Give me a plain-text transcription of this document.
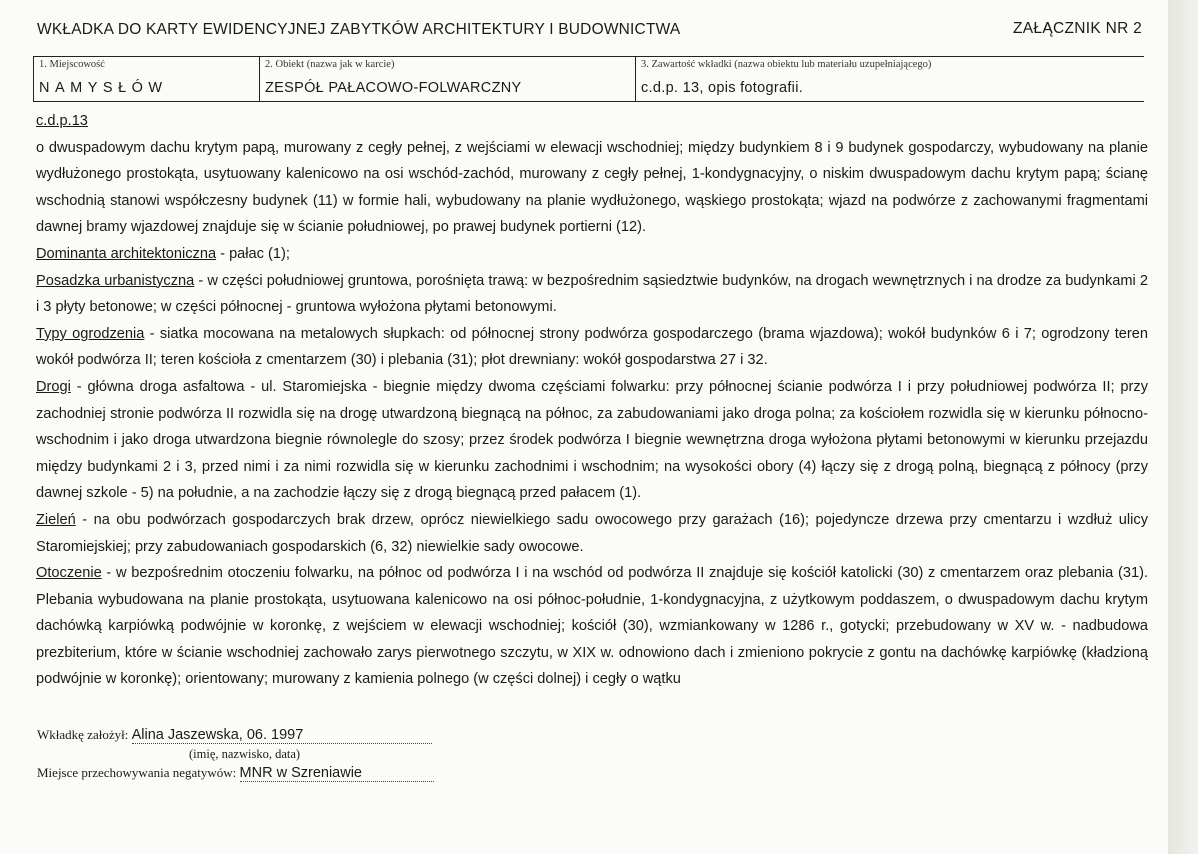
WKŁADKA DO KARTY EWIDENCYJNEJ ZABYTKÓW ARCHITEKTURY I BUDOWNICTWA	ZAŁĄCZNIK NR 2
1. Miejscowość
NAMYSŁÓW

2. Obiekt (nazwa jak w karcie)
ZESPÓŁ PAŁACOWO-FOLWARCZNY

3. Zawartość wkładki (nazwa obiektu lub materiału uzupełniającego)
c.d.p. 13, opis fotografii.

c.d.p.13

o dwuspadowym dachu krytym papą, murowany z cegły pełnej, z wejściami w elewacji wschodniej; między budynkiem 8 i 9 budynek gospodarczy, wybudowany na planie wydłużonego prostokąta, usytuowany kalenicowo na osi wschód-zachód, murowany z cegły pełnej, 1-kondygnacyjny, o niskim dwuspadowym dachu krytym papą; ścianę wschodnią stanowi współczesny budynek (11) w formie hali, wybudowany na planie wydłużonego, wąskiego prostokąta; wjazd na podwórze z zachowanymi fragmentami dawnej bramy wjazdowej znajduje się w ścianie południowej, po prawej budynek portierni (12).

Dominanta architektoniczna - pałac (1);

Posadzka urbanistyczna - w części południowej gruntowa, porośnięta trawą: w bezpośrednim sąsiedztwie budynków, na drogach wewnętrznych i na drodze za budynkami 2 i 3 płyty betonowe; w części północnej - gruntowa wyłożona płytami betonowymi.

Typy ogrodzenia - siatka mocowana na metalowych słupkach: od północnej strony podwórza gospodarczego (brama wjazdowa); wokół budynków 6 i 7; ogrodzony teren wokół podwórza II; teren kościoła z cmentarzem (30) i plebania (31); płot drewniany: wokół gospodarstwa 27 i 32.

Drogi - główna droga asfaltowa - ul. Staromiejska - biegnie między dwoma częściami folwarku: przy północnej ścianie podwórza I i przy południowej podwórza II; przy zachodniej stronie podwórza II rozwidla się na drogę utwardzoną biegnącą na północ, za zabudowaniami jako droga polna; za kościołem rozwidla się w kierunku północno-wschodnim i jako droga utwardzona biegnie równolegle do szosy; przez środek podwórza I biegnie wewnętrzna droga wyłożona płytami betonowymi w kierunku przejazdu między budynkami 2 i 3, przed nimi i za nimi rozwidla się w kierunku zachodnimi i wschodnim; na wysokości obory (4) łączy się z drogą polną, biegnącą z północy (przy dawnej szkole - 5) na południe, a na zachodzie łączy się z drogą biegnącą przed pałacem (1).

Zieleń - na obu podwórzach gospodarczych brak drzew, oprócz niewielkiego sadu owocowego przy garażach (16); pojedyncze drzewa przy cmentarzu i wzdłuż ulicy Staromiejskiej; przy zabudowaniach gospodarskich (6, 32) niewielkie sady owocowe.

Otoczenie - w bezpośrednim otoczeniu folwarku, na północ od podwórza I i na wschód od podwórza II znajduje się kościół katolicki (30) z cmentarzem oraz plebania (31). Plebania wybudowana na planie prostokąta, usytuowana kalenicowo na osi północ-południe, 1-kondygnacyjna, z użytkowym poddaszem, o dwuspadowym dachu krytym dachówką karpiówką podwójnie w koronkę, z wejściem w elewacji wschodniej; kościół (30), wzmiankowany w 1286 r., gotycki; przebudowany w XV w. - nadbudowa prezbiterium, które w ścianie wschodniej zachowało zarys pierwotnego szczytu, w XIX w. odnowiono dach i zmieniono pokrycie z gontu na dachówkę karpiówkę (kładzioną podwójnie w koronkę); orientowany; murowany z kamienia polnego (w części dolnej) i cegły o wątku

Wkładkę założył: Alina Jaszewska, 06. 1997
(imię, nazwisko, data)
Miejsce przechowywania negatywów: MNR w Szreniawie
